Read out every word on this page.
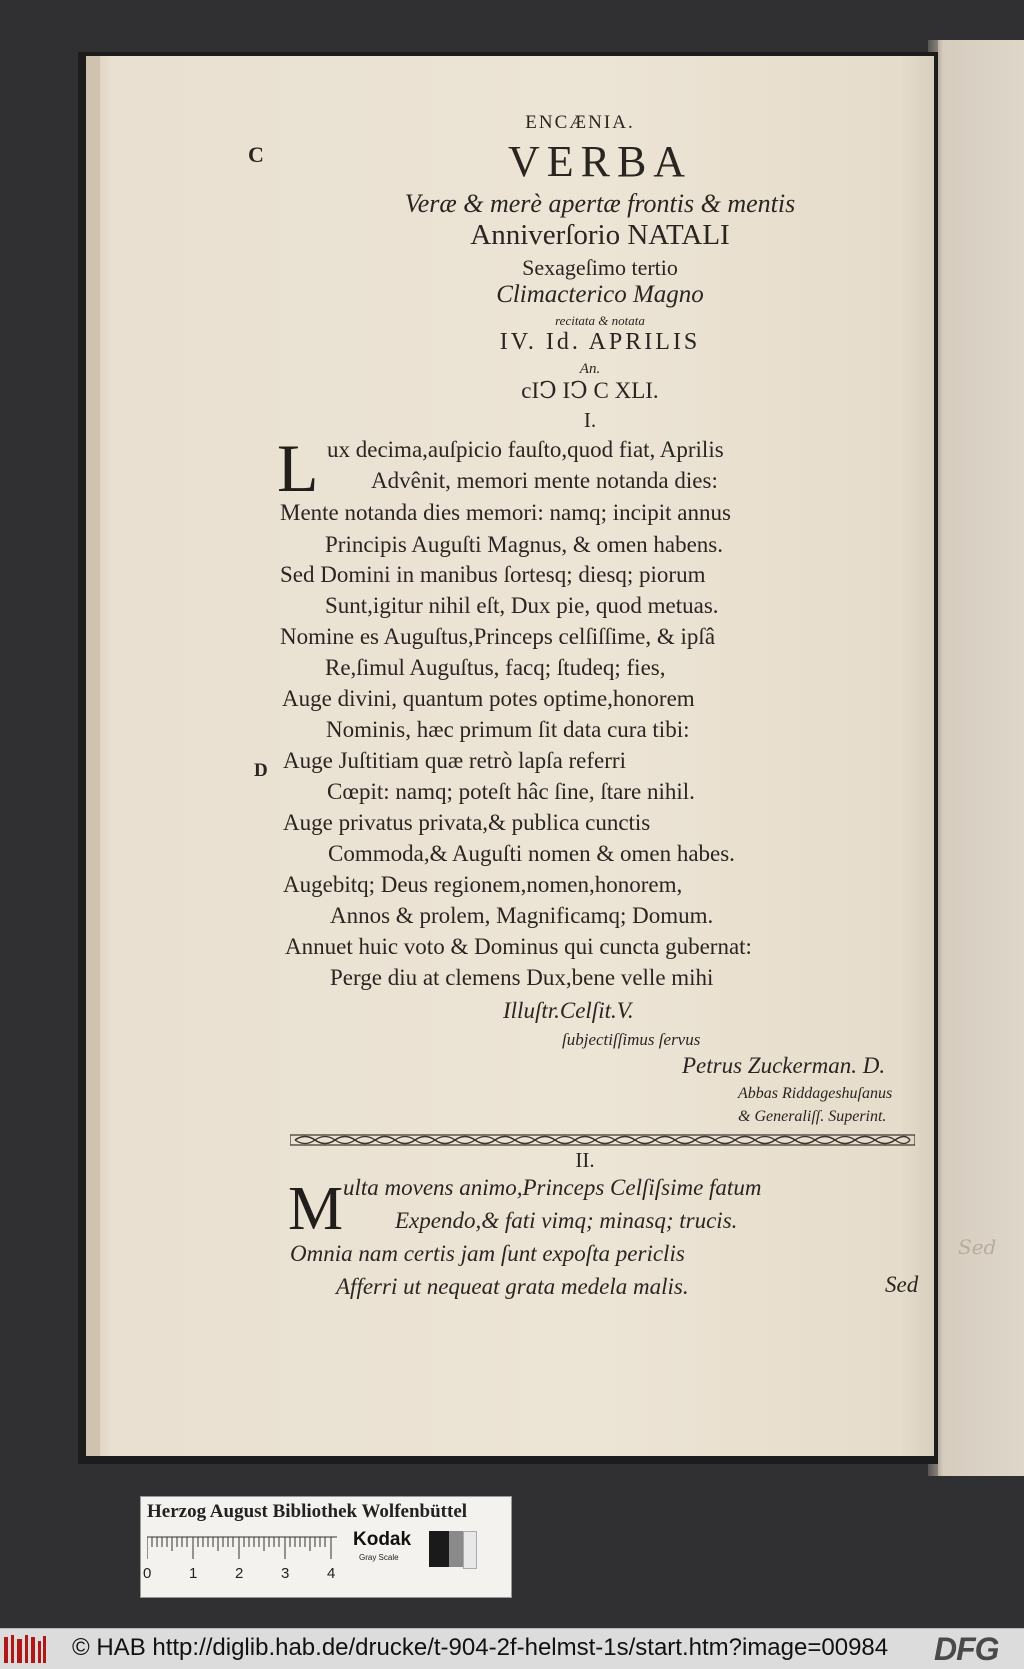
Sed
ENCÆNIA.
C	VERBA
Veræ & merè apertæ frontis & mentis
Anniverſorio NATALI
Sexageſimo tertio
Climacterico Magno
recitata & notata
IV. Id. APRILIS
An.
cIↃ IↃ C XLI.
I.
L ux decima,auſpicio fauſto,quod fiat, Aprilis
Advênit, memori mente notanda dies:
Mente notanda dies memori: namq; incipit annus
Principis Auguſti Magnus, & omen habens.
Sed Domini in manibus ſortesq; diesq; piorum
Sunt,igitur nihil eſt, Dux pie, quod metuas.
Nomine es Auguſtus,Princeps celſiſſime, & ipſâ
Re,ſimul Auguſtus, facq; ſtudeq; fies,
Auge divini, quantum potes optime,honorem
Nominis, hæc primum ſit data cura tibi:
Auge Juſtitiam quæ retrò lapſa referri
Cœpit: namq; poteſt hâc ſine, ſtare nihil.
Auge privatus privata,& publica cunctis
Commoda,& Auguſti nomen & omen habes.
Augebitq; Deus regionem,nomen,honorem,
Annos & prolem, Magnificamq; Domum.
Annuet huic voto & Dominus qui cuncta gubernat:
Perge diu at clemens Dux,bene velle mihi
D
Illuſtr.Celſit.V.
ſubjectiſſimus ſervus
Petrus Zuckerman. D.
Abbas Riddageshuſanus
& Generaliſſ. Superint.
II.
M ulta movens animo,Princeps Celſiſsime fatum
Expendo,& fati vimq; minasq; trucis.
Omnia nam certis jam ſunt expoſta periclis
Afferri ut nequeat grata medela malis.	Sed
Herzog August Bibliothek Wolfenbüttel
0	1	2	3	4
Kodak
Gray Scale
© HAB http://diglib.hab.de/drucke/t-904-2f-helmst-1s/start.htm?image=00984 DFG
